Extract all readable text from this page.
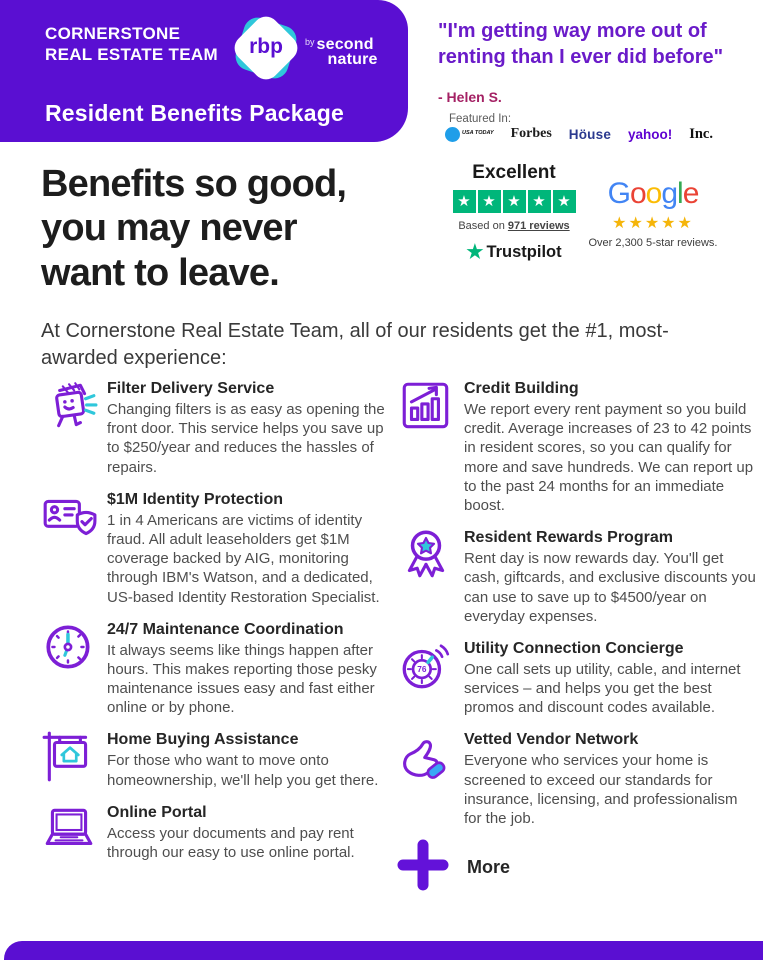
CORNERSTONE
REAL ESTATE TEAM	rbp	$^{by}$ second
nature
Resident Benefits Package
"I'm getting way more out of renting than I ever did before"
- Helen S.
Featured In:
USA TODAY Forbes Höuse yahoo! Inc.
Excellent
★ ★ ★ ★ ★
Based on 971 reviews
★ Trustpilot
Google
★★★★★
Over 2,300 5-star reviews.
Benefits so good,
you may never
want to leave.

At Cornerstone Real Estate Team, all of our residents get the #1, most-awarded experience:

Filter Delivery Service
Changing filters is as easy as opening the front door. This service helps you save up to $250/year and reduces the hassles of repairs.
$1M Identity Protection
1 in 4 Americans are victims of identity fraud. All adult leaseholders get $1M coverage backed by AIG, monitoring through IBM's Watson, and a dedicated, US-based Identity Restoration Specialist.
24/7 Maintenance Coordination
It always seems like things happen after hours. This makes reporting those pesky maintenance issues easy and fast either online or by phone.
Home Buying Assistance
For those who want to move onto homeownership, we'll help you get there.
Online Portal
Access your documents and pay rent through our easy to use online portal.
Credit Building
We report every rent payment so you build credit. Average increases of 23 to 42 points in resident scores, so you can qualify for more and save hundreds. We can report up to the past 24 months for an immediate boost.
Resident Rewards Program
Rent day is now rewards day. You'll get cash, giftcards, and exclusive discounts you can use to save up to $4500/year on everyday expenses.
76
Utility Connection Concierge
One call sets up utility, cable, and internet services – and helps you get the best promos and discount codes available.
Vetted Vendor Network
Everyone who services your home is screened to exceed our standards for insurance, licensing, and professionalism for the job.
More
